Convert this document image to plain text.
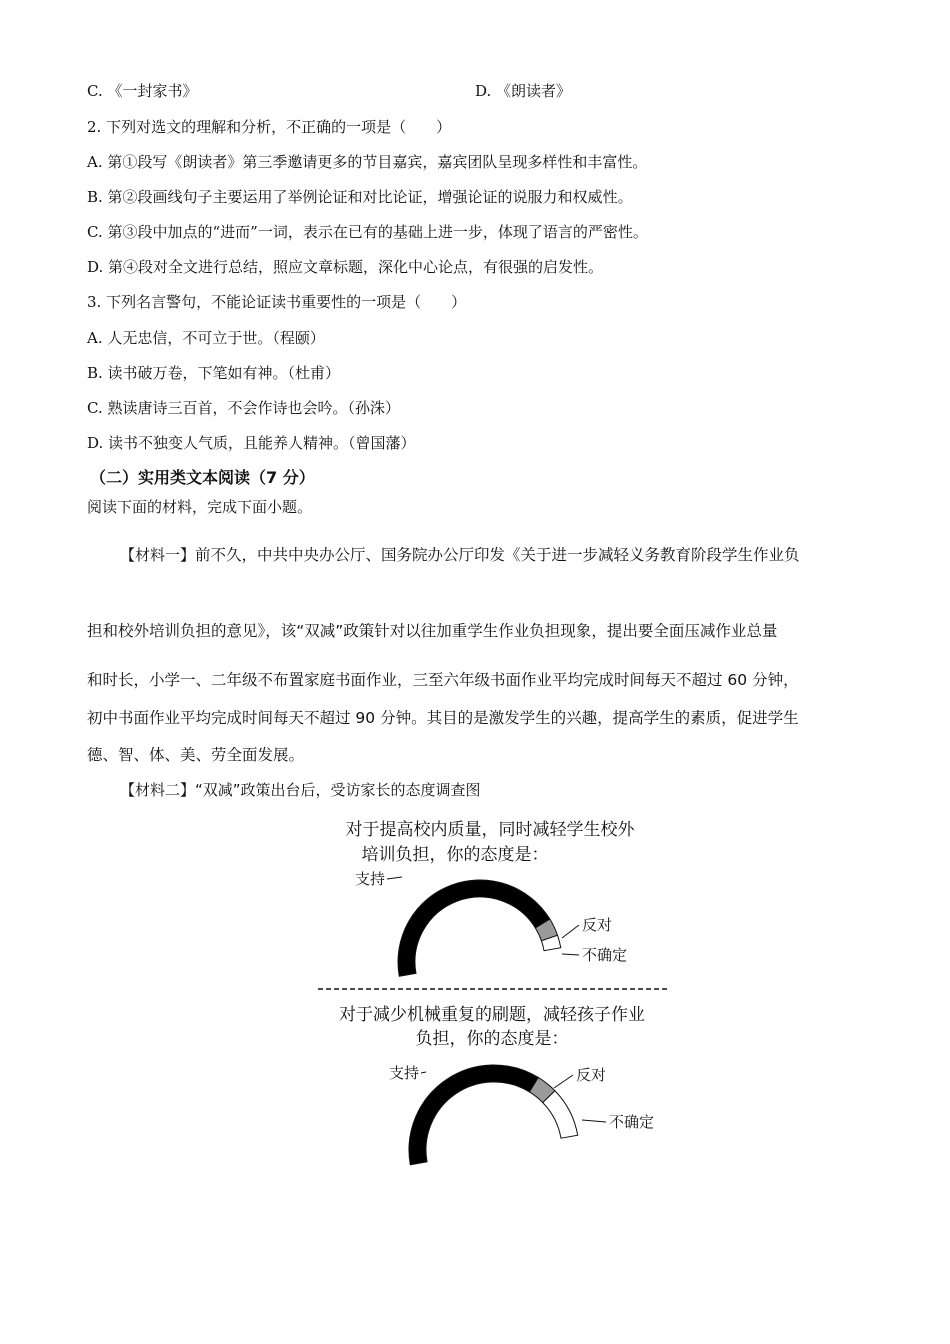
C. 《一封家书》	D. 《朗读者》
2. 下列对选文的理解和分析，不正确的一项是（　　）
A. 第①段写《朗读者》第三季邀请更多的节目嘉宾，嘉宾团队呈现多样性和丰富性。
B. 第②段画线句子主要运用了举例论证和对比论证，增强论证的说服力和权威性。
C. 第③段中加点的“进而”一词，表示在已有的基础上进一步，体现了语言的严密性。
D. 第④段对全文进行总结，照应文章标题，深化中心论点，有很强的启发性。
3. 下列名言警句，不能论证读书重要性的一项是（　　）
A. 人无忠信，不可立于世。（程颐）
B. 读书破万卷，下笔如有神。（杜甫）
C. 熟读唐诗三百首，不会作诗也会吟。（孙洙）
D. 读书不独变人气质，且能养人精神。（曾国藩）
（二）实用类文本阅读（7 分）
阅读下面的材料，完成下面小题。
【材料一】前不久，中共中央办公厅、国务院办公厅印发《关于进一步减轻义务教育阶段学生作业负
担和校外培训负担的意见》，该“双减”政策针对以往加重学生作业负担现象，提出要全面压减作业总量
和时长，小学一、二年级不布置家庭书面作业，三至六年级书面作业平均完成时间每天不超过 60 分钟，
初中书面作业平均完成时间每天不超过 90 分钟。其目的是激发学生的兴趣，提高学生的素质，促进学生
德、智、体、美、劳全面发展。
【材料二】“双减”政策出台后，受访家长的态度调查图
对于提高校内质量，同时减轻学生校外
培训负担，你的态度是：
对于减少机械重复的刷题，减轻孩子作业
负担，你的态度是：
支持
反对
不确定
支持	反对
不确定
